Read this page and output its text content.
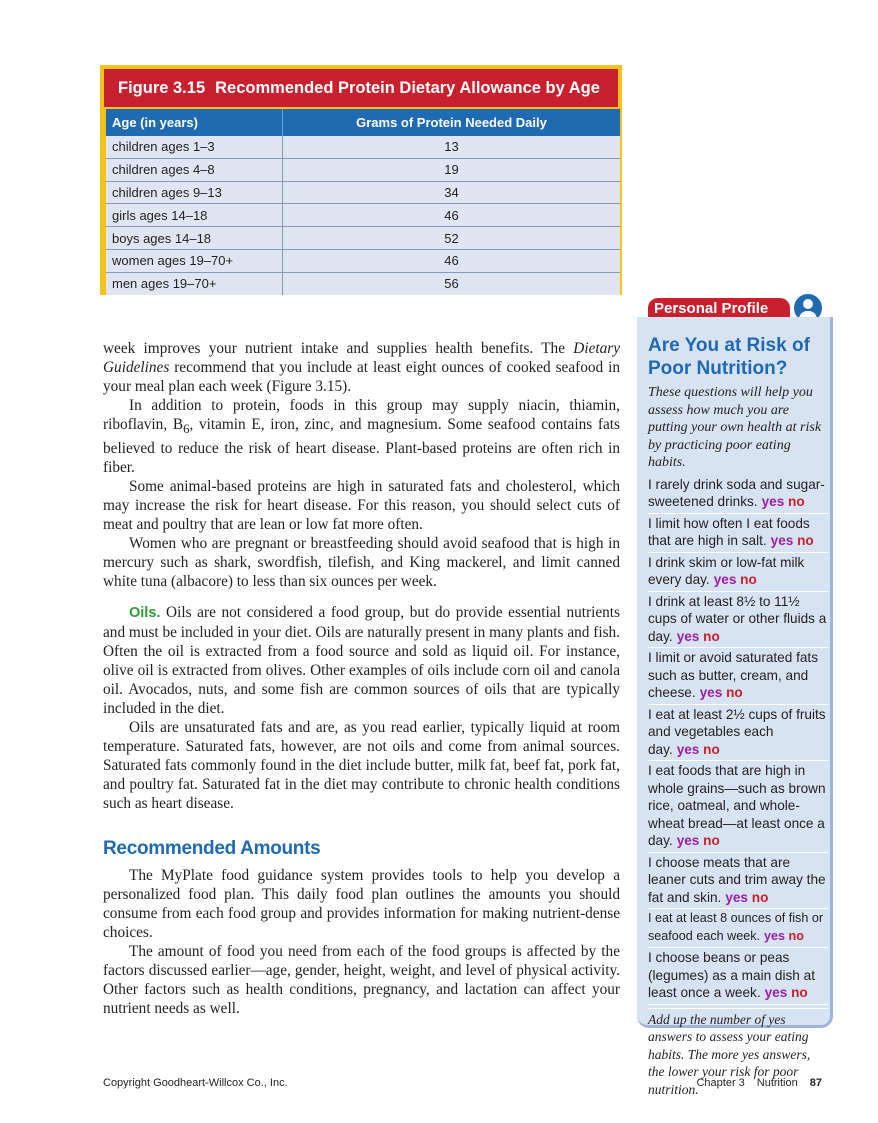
Figure 3.15 Recommended Protein Dietary Allowance by Age
Age (in years)	Grams of Protein Needed Daily
children ages 1–3	13
children ages 4–8	19
children ages 9–13	34
girls ages 14–18	46
boys ages 14–18	52
women ages 19–70+	46
men ages 19–70+	56

week improves your nutrient intake and supplies health benefits. The Dietary Guidelines recommend that you include at least eight ounces of cooked seafood in your meal plan each week (Figure 3.15).

In addition to protein, foods in this group may supply niacin, thiamin, riboflavin, $B_6$, vitamin E, iron, zinc, and magnesium. Some seafood contains fats believed to reduce the risk of heart disease. Plant-based proteins are often rich in fiber.

Some animal-based proteins are high in saturated fats and cholesterol, which may increase the risk for heart disease. For this reason, you should select cuts of meat and poultry that are lean or low fat more often.

Women who are pregnant or breastfeeding should avoid seafood that is high in mercury such as shark, swordfish, tilefish, and King mackerel, and limit canned white tuna (albacore) to less than six ounces per week.

Oils. Oils are not considered a food group, but do provide essential nutrients and must be included in your diet. Oils are naturally present in many plants and fish. Often the oil is extracted from a food source and sold as liquid oil. For instance, olive oil is extracted from olives. Other examples of oils include corn oil and canola oil. Avocados, nuts, and some fish are common sources of oils that are typically included in the diet.

Oils are unsaturated fats and are, as you read earlier, typically liquid at room temperature. Saturated fats, however, are not oils and come from animal sources. Saturated fats commonly found in the diet include butter, milk fat, beef fat, pork fat, and poultry fat. Saturated fat in the diet may contribute to chronic health conditions such as heart disease.

Recommended Amounts

The MyPlate food guidance system provides tools to help you develop a personalized food plan. This daily food plan outlines the amounts you should consume from each food group and provides information for making nutrient-dense choices.

The amount of food you need from each of the food groups is affected by the factors discussed earlier—age, gender, height, weight, and level of physical activity. Other factors such as health conditions, pregnancy, and lactation can affect your nutrient needs as well.

Personal Profile
Are You at Risk of Poor Nutrition?
These questions will help you assess how much you are putting your own health at risk by practicing poor eating habits.
I rarely drink soda and sugar-sweetened drinks. yes no
I limit how often I eat foods that are high in salt. yes no
I drink skim or low-fat milk every day. yes no
I drink at least 8½ to 11½ cups of water or other fluids a day. yes no
I limit or avoid saturated fats such as butter, cream, and cheese. yes no
I eat at least 2½ cups of fruits and vegetables each day. yes no
I eat foods that are high in whole grains—such as brown rice, oatmeal, and whole-wheat bread—at least once a day. yes no
I choose meats that are leaner cuts and trim away the fat and skin. yes no
I eat at least 8 ounces of fish or seafood each week. yes no
I choose beans or peas (legumes) as a main dish at least once a week. yes no
Add up the number of yes answers to assess your eating habits. The more yes answers, the lower your risk for poor nutrition.
Copyright Goodheart-Willcox Co., Inc.	Chapter 3 Nutrition 87
